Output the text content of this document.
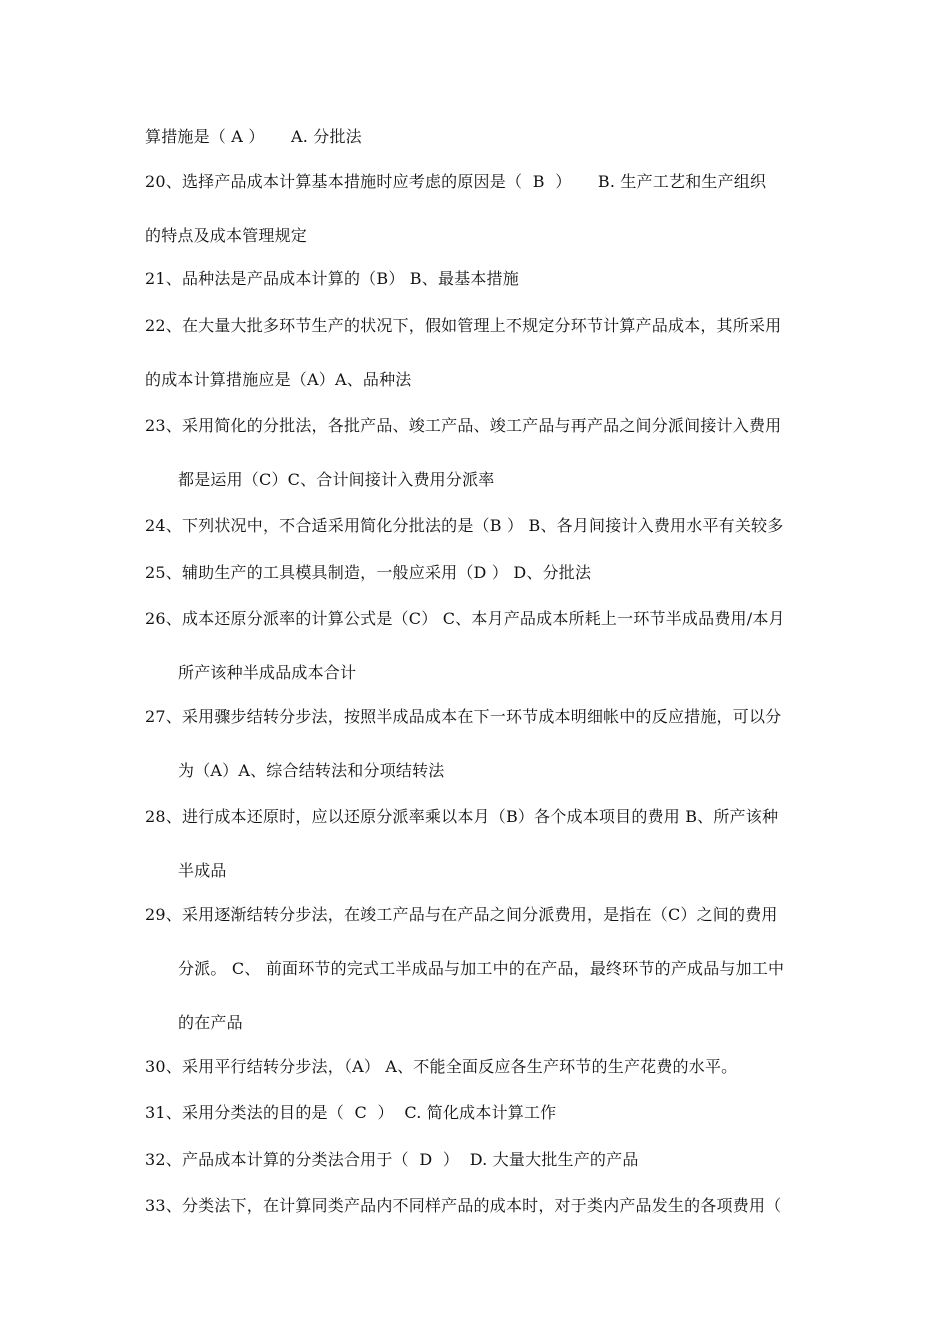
算措施是（ A ）     A. 分批法
20、选择产品成本计算基本措施时应考虑的原因是（  B  ）     B. 生产工艺和生产组织
的特点及成本管理规定
21、品种法是产品成本计算的（B） B、最基本措施
22、在大量大批多环节生产的状况下，假如管理上不规定分环节计算产品成本，其所采用
的成本计算措施应是（A）A、品种法
23、采用简化的分批法，各批产品、竣工产品、竣工产品与再产品之间分派间接计入费用
都是运用（C）C、合计间接计入费用分派率
24、下列状况中，不合适采用简化分批法的是（B ） B、各月间接计入费用水平有关较多
25、辅助生产的工具模具制造，一般应采用（D ） D、分批法
26、成本还原分派率的计算公式是（C） C、本月产品成本所耗上一环节半成品费用/本月
所产该种半成品成本合计
27、采用骤步结转分步法，按照半成品成本在下一环节成本明细帐中的反应措施，可以分
为（A）A、综合结转法和分项结转法
28、进行成本还原时，应以还原分派率乘以本月（B）各个成本项目的费用 B、所产该种
半成品
29、采用逐渐结转分步法，在竣工产品与在产品之间分派费用，是指在（C）之间的费用
分派。 C、 前面环节的完式工半成品与加工中的在产品，最终环节的产成品与加工中
的在产品
30、采用平行结转分步法，（A） A、不能全面反应各生产环节的生产花费的水平。
31、采用分类法的目的是（  C  ）  C. 简化成本计算工作
32、产品成本计算的分类法合用于（  D  ）  D. 大量大批生产的产品
33、分类法下，在计算同类产品内不同样产品的成本时，对于类内产品发生的各项费用（
